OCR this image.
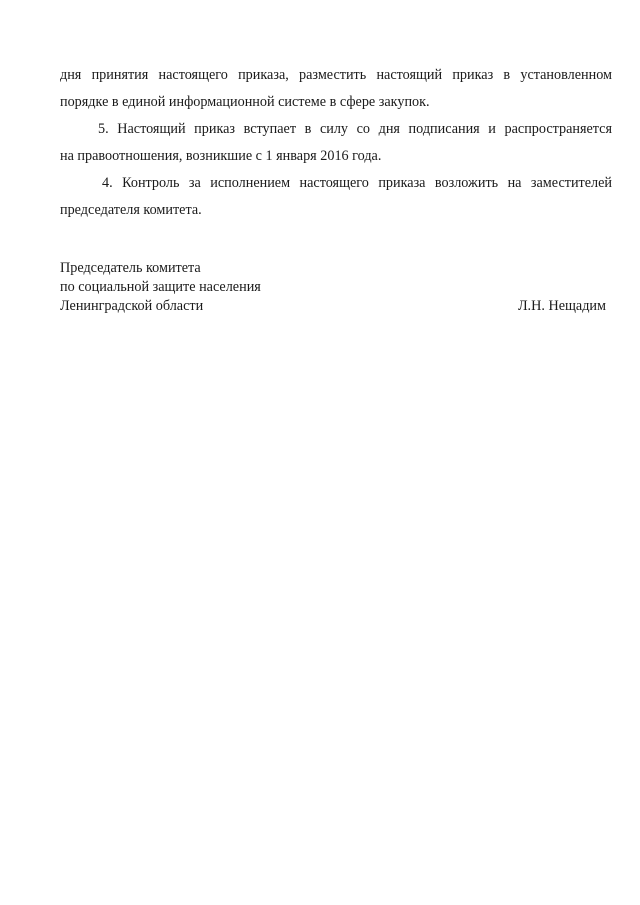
дня принятия настоящего приказа, разместить настоящий приказ в установленном
порядке в единой информационной системе в сфере закупок.

5. Настоящий приказ вступает в силу со дня подписания и распространяется
на правоотношения, возникшие с 1 января 2016 года.

4. Контроль за исполнением настоящего приказа возложить на заместителей
председателя комитета.

Председатель комитета
по социальной защите населения
Ленинградской области	Л.Н. Нещадим
